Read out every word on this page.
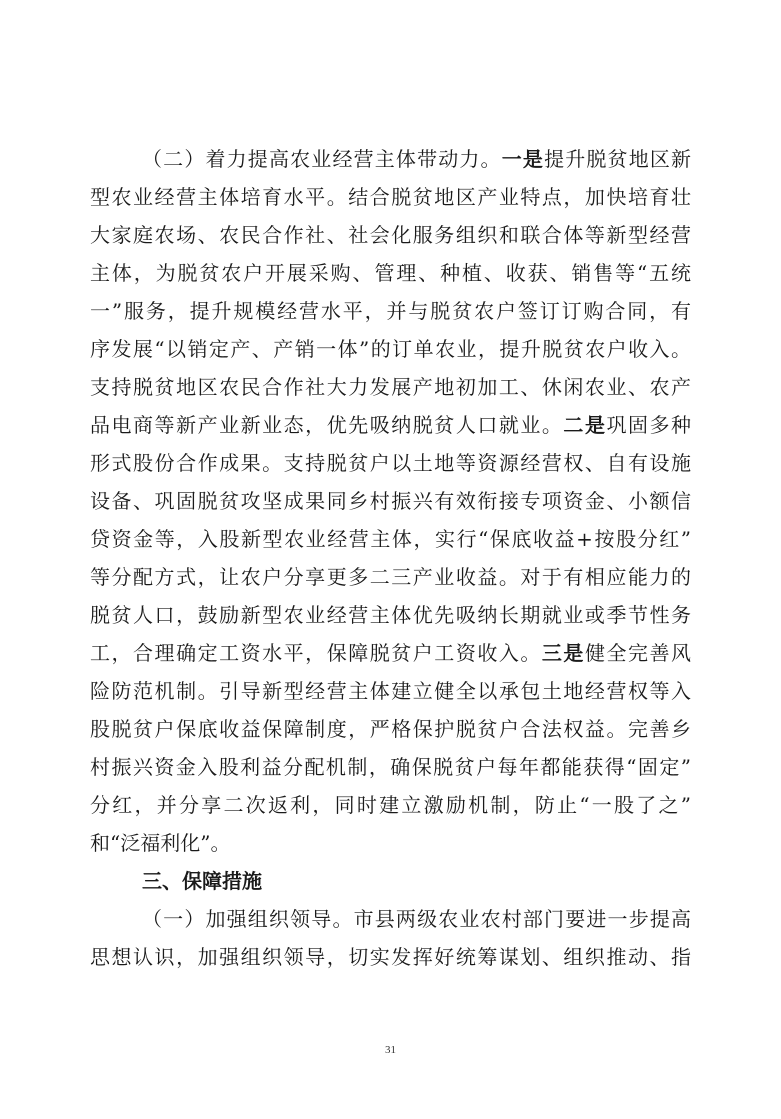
（二）着力提高农业经营主体带动力。一是提升脱贫地区新
型农业经营主体培育水平。结合脱贫地区产业特点，加快培育壮
大家庭农场、农民合作社、社会化服务组织和联合体等新型经营
主体，为脱贫农户开展采购、管理、种植、收获、销售等“五统
一”服务，提升规模经营水平，并与脱贫农户签订订购合同，有
序发展“以销定产、产销一体”的订单农业，提升脱贫农户收入。
支持脱贫地区农民合作社大力发展产地初加工、休闲农业、农产
品电商等新产业新业态，优先吸纳脱贫人口就业。二是巩固多种
形式股份合作成果。支持脱贫户以土地等资源经营权、自有设施
设备、巩固脱贫攻坚成果同乡村振兴有效衔接专项资金、小额信
贷资金等，入股新型农业经营主体，实行“保底收益+按股分红”
等分配方式，让农户分享更多二三产业收益。对于有相应能力的
脱贫人口，鼓励新型农业经营主体优先吸纳长期就业或季节性务
工，合理确定工资水平，保障脱贫户工资收入。三是健全完善风
险防范机制。引导新型经营主体建立健全以承包土地经营权等入
股脱贫户保底收益保障制度，严格保护脱贫户合法权益。完善乡
村振兴资金入股利益分配机制，确保脱贫户每年都能获得“固定”
分红，并分享二次返利，同时建立激励机制，防止“一股了之”
和“泛福利化”。
三、保障措施
（一）加强组织领导。市县两级农业农村部门要进一步提高
思想认识，加强组织领导，切实发挥好统筹谋划、组织推动、指
31
